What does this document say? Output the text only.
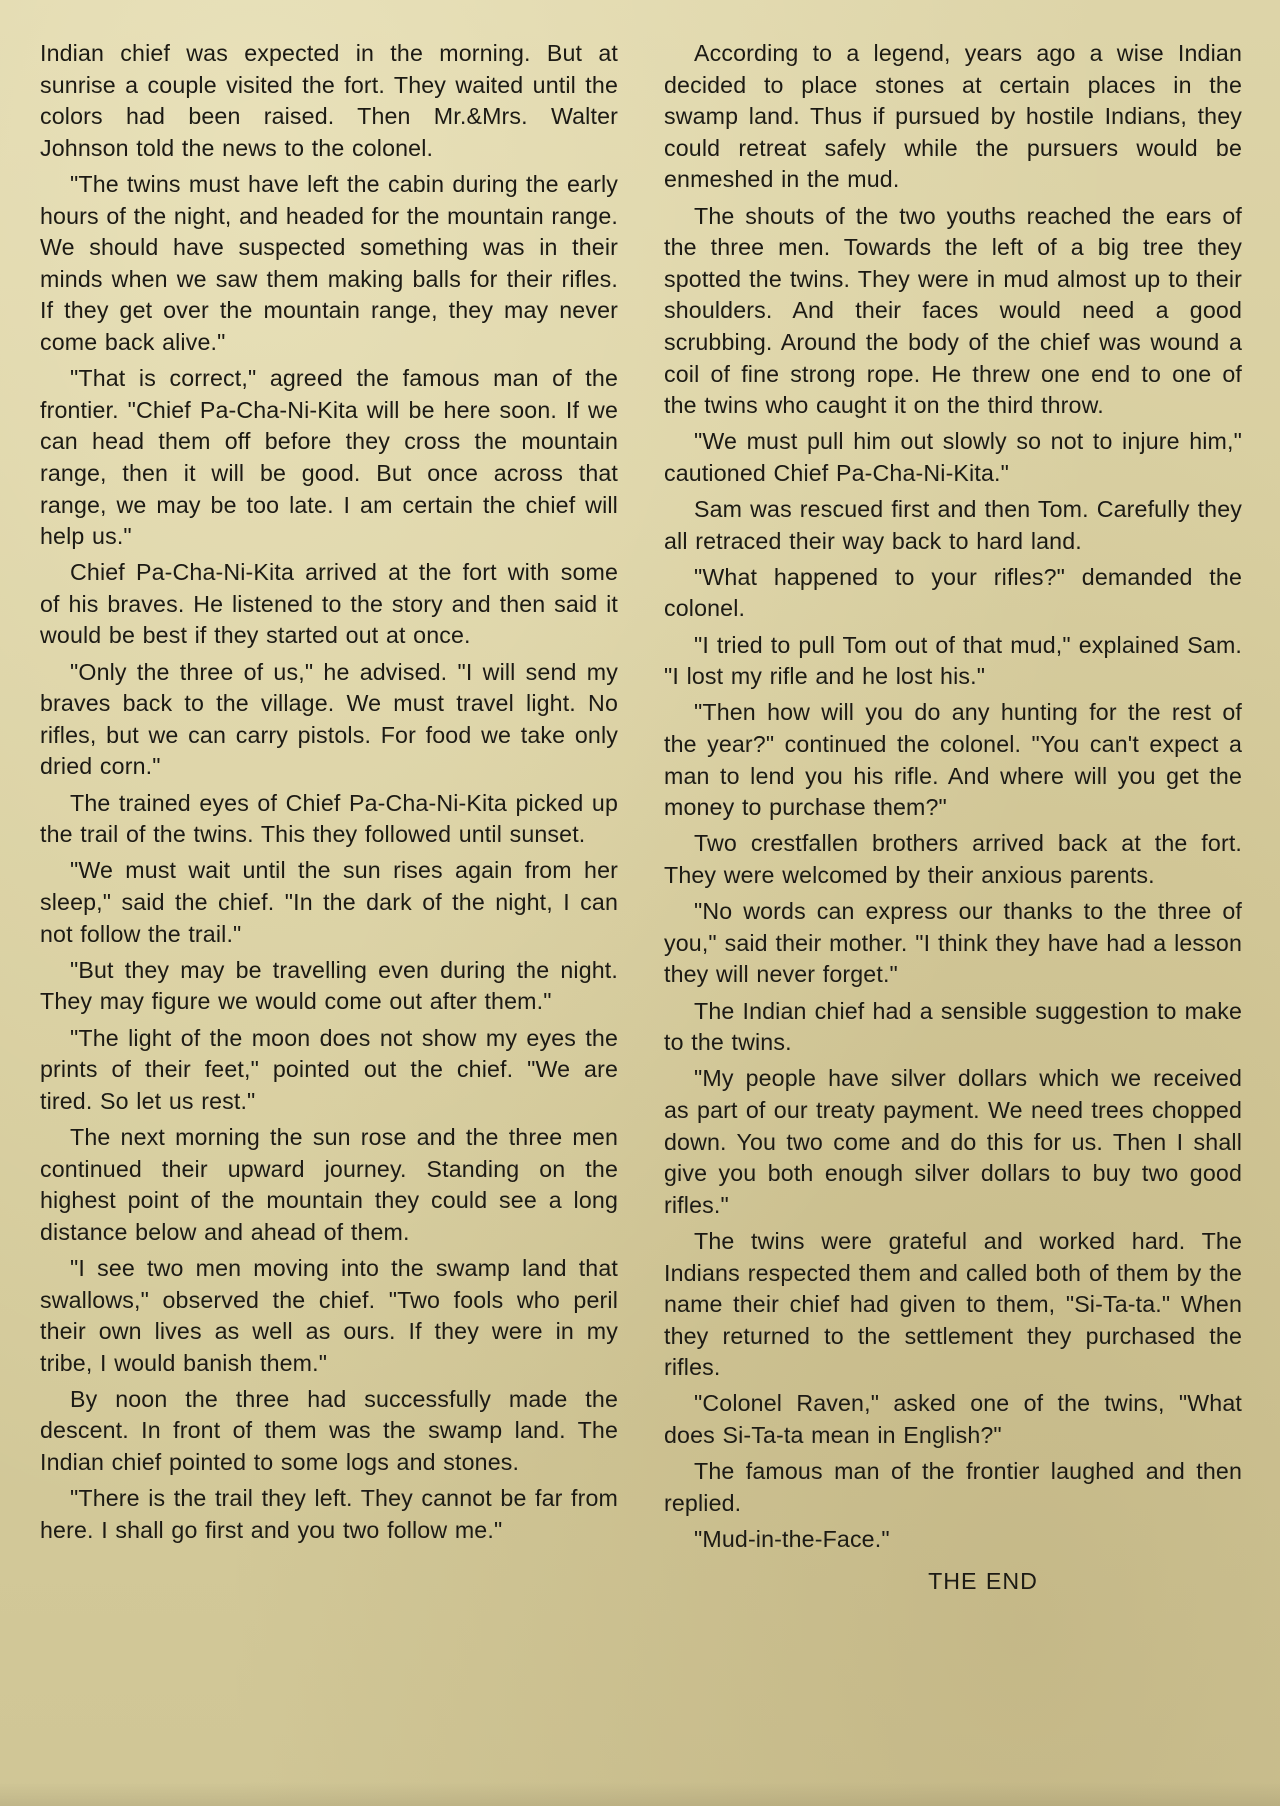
Indian chief was expected in the morning. But at sunrise a couple visited the fort. They waited until the colors had been raised. Then Mr.&Mrs. Walter Johnson told the news to the colonel.

"The twins must have left the cabin during the early hours of the night, and headed for the mountain range. We should have suspected something was in their minds when we saw them making balls for their rifles. If they get over the mountain range, they may never come back alive."

"That is correct," agreed the famous man of the frontier. "Chief Pa-Cha-Ni-Kita will be here soon. If we can head them off before they cross the mountain range, then it will be good. But once across that range, we may be too late. I am certain the chief will help us."

Chief Pa-Cha-Ni-Kita arrived at the fort with some of his braves. He listened to the story and then said it would be best if they started out at once.

"Only the three of us," he advised. "I will send my braves back to the village. We must travel light. No rifles, but we can carry pistols. For food we take only dried corn."

The trained eyes of Chief Pa-Cha-Ni-Kita picked up the trail of the twins. This they followed until sunset.

"We must wait until the sun rises again from her sleep," said the chief. "In the dark of the night, I can not follow the trail."

"But they may be travelling even during the night. They may figure we would come out after them."

"The light of the moon does not show my eyes the prints of their feet," pointed out the chief. "We are tired. So let us rest."

The next morning the sun rose and the three men continued their upward journey. Standing on the highest point of the mountain they could see a long distance below and ahead of them.

"I see two men moving into the swamp land that swallows," observed the chief. "Two fools who peril their own lives as well as ours. If they were in my tribe, I would banish them."

By noon the three had successfully made the descent. In front of them was the swamp land. The Indian chief pointed to some logs and stones.

"There is the trail they left. They cannot be far from here. I shall go first and you two follow me."

According to a legend, years ago a wise Indian decided to place stones at certain places in the swamp land. Thus if pursued by hostile Indians, they could retreat safely while the pursuers would be enmeshed in the mud.

The shouts of the two youths reached the ears of the three men. Towards the left of a big tree they spotted the twins. They were in mud almost up to their shoulders. And their faces would need a good scrubbing. Around the body of the chief was wound a coil of fine strong rope. He threw one end to one of the twins who caught it on the third throw.

"We must pull him out slowly so not to injure him," cautioned Chief Pa-Cha-Ni-Kita."

Sam was rescued first and then Tom. Carefully they all retraced their way back to hard land.

"What happened to your rifles?" demanded the colonel.

"I tried to pull Tom out of that mud," explained Sam. "I lost my rifle and he lost his."

"Then how will you do any hunting for the rest of the year?" continued the colonel. "You can't expect a man to lend you his rifle. And where will you get the money to purchase them?"

Two crestfallen brothers arrived back at the fort. They were welcomed by their anxious parents.

"No words can express our thanks to the three of you," said their mother. "I think they have had a lesson they will never forget."

The Indian chief had a sensible suggestion to make to the twins.

"My people have silver dollars which we received as part of our treaty payment. We need trees chopped down. You two come and do this for us. Then I shall give you both enough silver dollars to buy two good rifles."

The twins were grateful and worked hard. The Indians respected them and called both of them by the name their chief had given to them, "Si-Ta-ta." When they returned to the settlement they purchased the rifles.

"Colonel Raven," asked one of the twins, "What does Si-Ta-ta mean in English?"

The famous man of the frontier laughed and then replied.

"Mud-in-the-Face."

THE END
